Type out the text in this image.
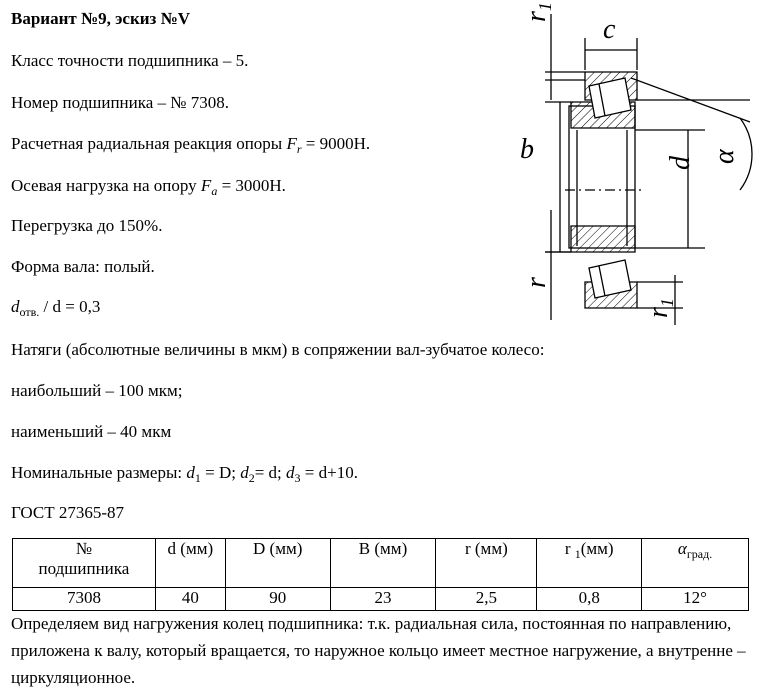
Вариант №9, эскиз №V
Класс точности подшипника – 5.
Номер подшипника – № 7308.
Расчетная радиальная реакция опоры $F_r = 9000Н$.
Осевая нагрузка на опору $F_a = 3000Н$.
Перегрузка до 150%.
Форма вала: полый.
$d_{отв.} / d = 0,3$
Натяги (абсолютные величины в мкм) в сопряжении вал-зубчатое колесо:
наибольший – 100 мкм;
наименьший – 40 мкм
Номинальные размеры: $d_1 = D$; $d_2= d$; $d_3 = d+10$.
ГОСТ 27365-87
$r_1$
c
b	d α
r
$r_1$
№
подшипника	d (мм)	D (мм)	B (мм)	r (мм)	r $_1$(мм)	$\alpha_{град.}$
7308	40	90	23	2,5	0,8	12°
Определяем вид нагружения колец подшипника: т.к. радиальная сила, постоянная по направлению, приложена к валу, который вращается, то наружное кольцо имеет местное нагружение, а внутренне – циркуляционное.
